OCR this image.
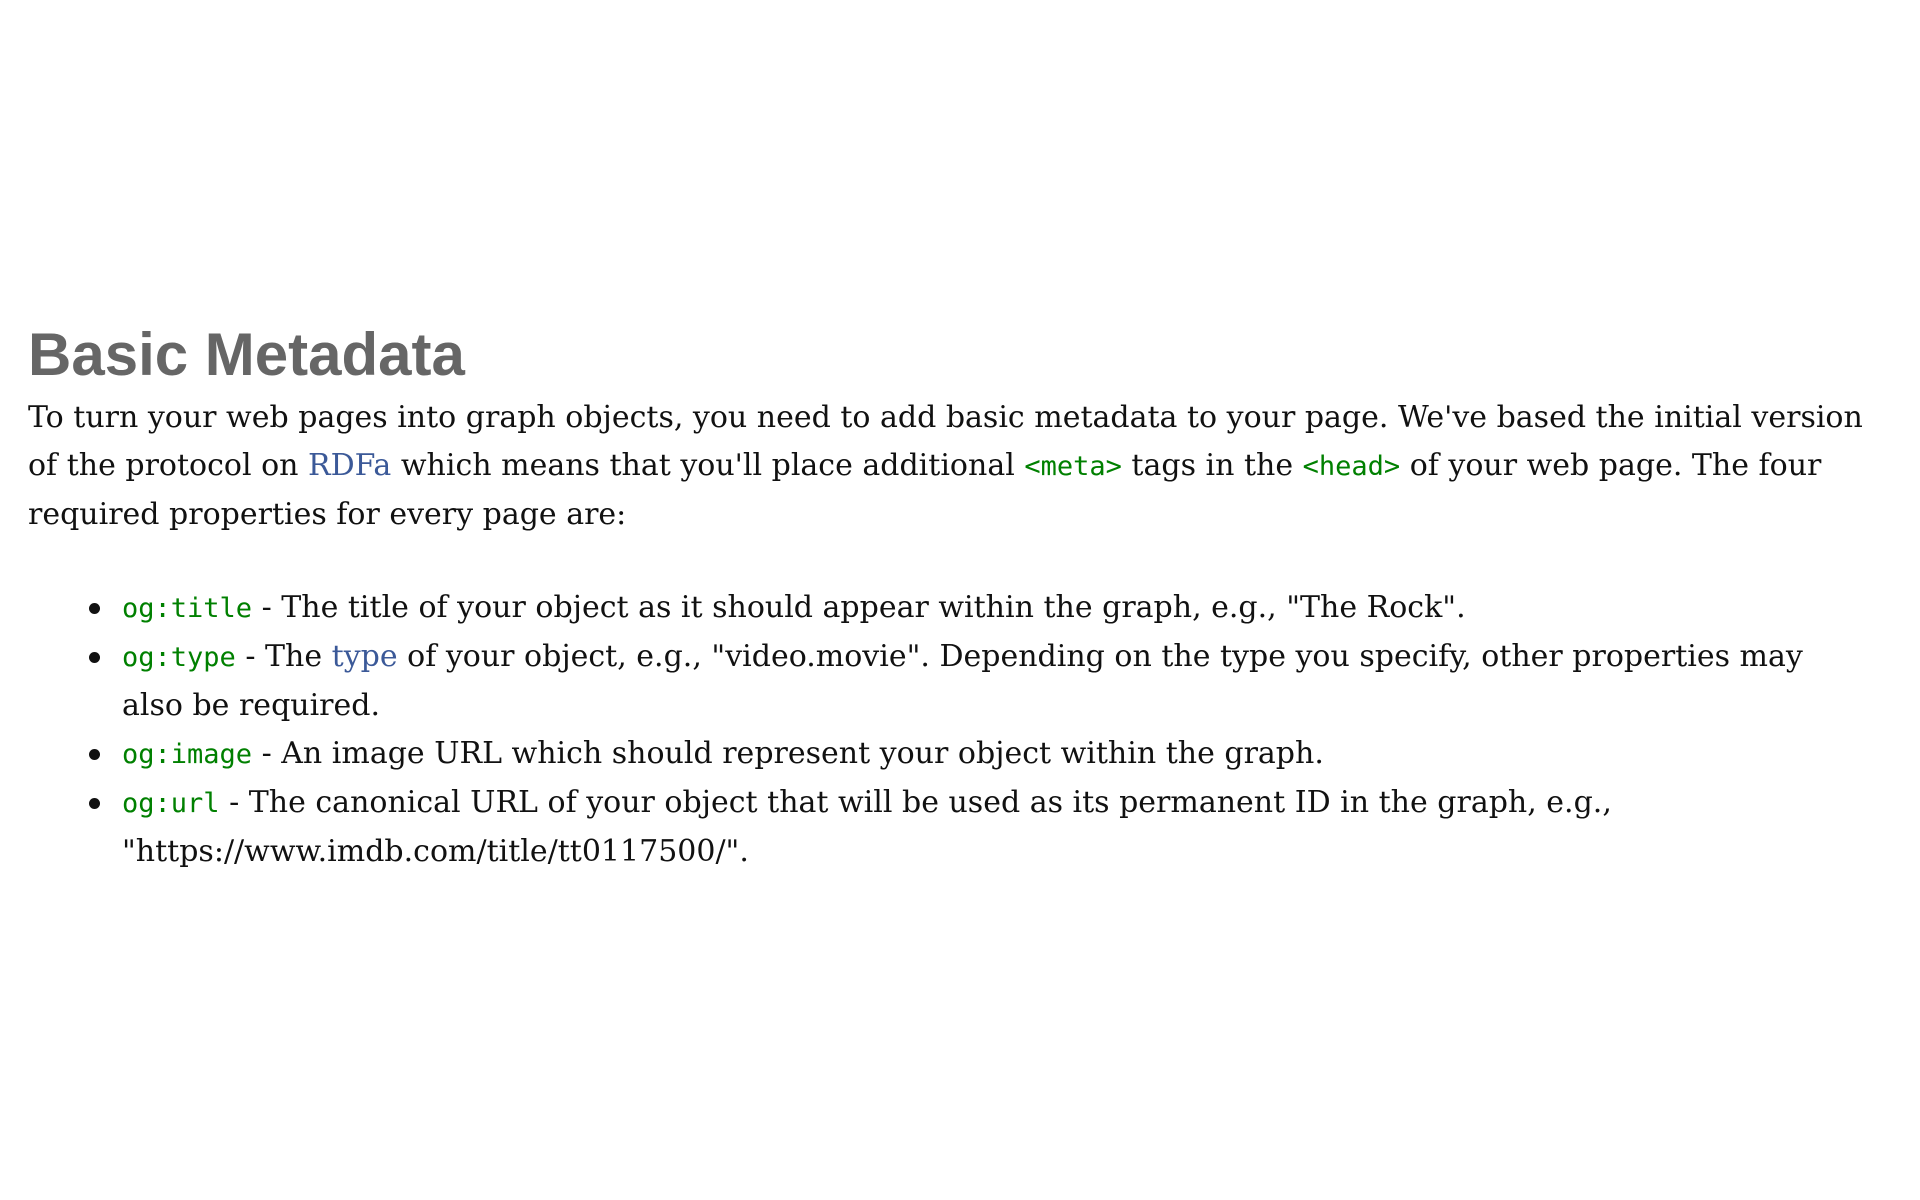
Basic Metadata

To turn your web pages into graph objects, you need to add basic metadata to your page. We've based the initial version of the protocol on RDFa which means that you'll place additional <meta> tags in the <head> of your web page. The four required properties for every page are:

og:title - The title of your object as it should appear within the graph, e.g., "The Rock".
og:type - The type of your object, e.g., "video.movie". Depending on the type you specify, other properties may also be required.
og:image - An image URL which should represent your object within the graph.
og:url - The canonical URL of your object that will be used as its permanent ID in the graph, e.g., "https://www.imdb.com/title/tt0117500/".
